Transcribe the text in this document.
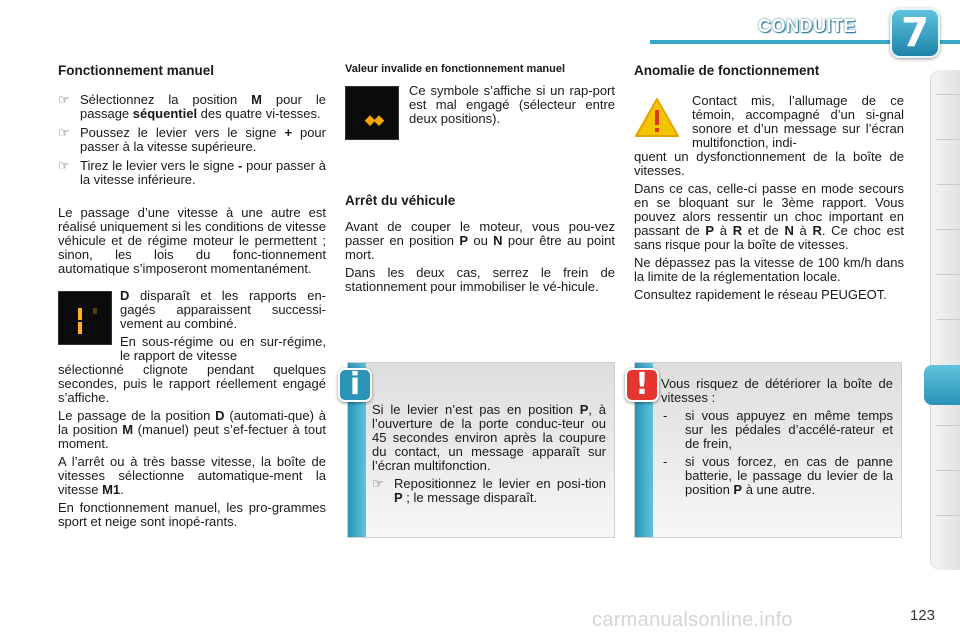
CONDUITE 7
Fonctionnement manuel
☞ Sélectionnez la position M pour le passage séquentiel des quatre vi-tesses.
☞ Poussez le levier vers le signe + pour passer à la vitesse supérieure.
☞ Tirez le levier vers le signe - pour passer à la vitesse inférieure.

Le passage d’une vitesse à une autre est réalisé uniquement si les conditions de vitesse véhicule et de régime moteur le permettent ; sinon, les lois du fonc-tionnement automatique s’imposeront momentanément.

D disparaît et les rapports en-gagés apparaissent successi-vement au combiné.

En sous-régime ou en sur-régime, le rapport de vitesse

sélectionné clignote pendant quelques secondes, puis le rapport réellement engagé s’affiche.

Le passage de la position D (automati-que) à la position M (manuel) peut s’ef-fectuer à tout moment.

A l’arrêt ou à très basse vitesse, la boîte de vitesses sélectionne automatique-ment la vitesse M1.

En fonctionnement manuel, les pro-grammes sport et neige sont inopé-rants.

Valeur invalide en fonctionnement manuel
◆◆

Ce symbole s’affiche si un rap-port est mal engagé (sélecteur entre deux positions).

Arrêt du véhicule

Avant de couper le moteur, vous pou-vez passer en position P ou N pour être au point mort.

Dans les deux cas, serrez le frein de stationnement pour immobiliser le vé-hicule.

i

Si le levier n’est pas en position P, à l’ouverture de la porte conduc-teur ou 45 secondes environ après la coupure du contact, un message apparaît sur l’écran multifonction.

☞ Repositionnez le levier en posi-tion P ; le message disparaît.
Anomalie de fonctionnement

Contact mis, l’allumage de ce témoin, accompagné d’un si-gnal sonore et d’un message sur l’écran multifonction, indi-

quent un dysfonctionnement de la boîte de vitesses.

Dans ce cas, celle-ci passe en mode secours en se bloquant sur le 3ème rapport. Vous pouvez alors ressentir un choc important en passant de P à R et de N à R. Ce choc est sans risque pour la boîte de vitesses.

Ne dépassez pas la vitesse de 100 km/h dans la limite de la réglementation locale.

Consultez rapidement le réseau PEUGEOT.

! Vous risquez de détériorer la boîte de vitesses :

-	si vous appuyez en même temps sur les pédales d’accélé-rateur et de frein,
-	si vous forcez, en cas de panne batterie, le passage du levier de la position P à une autre.
carmanualsonline.info	123
